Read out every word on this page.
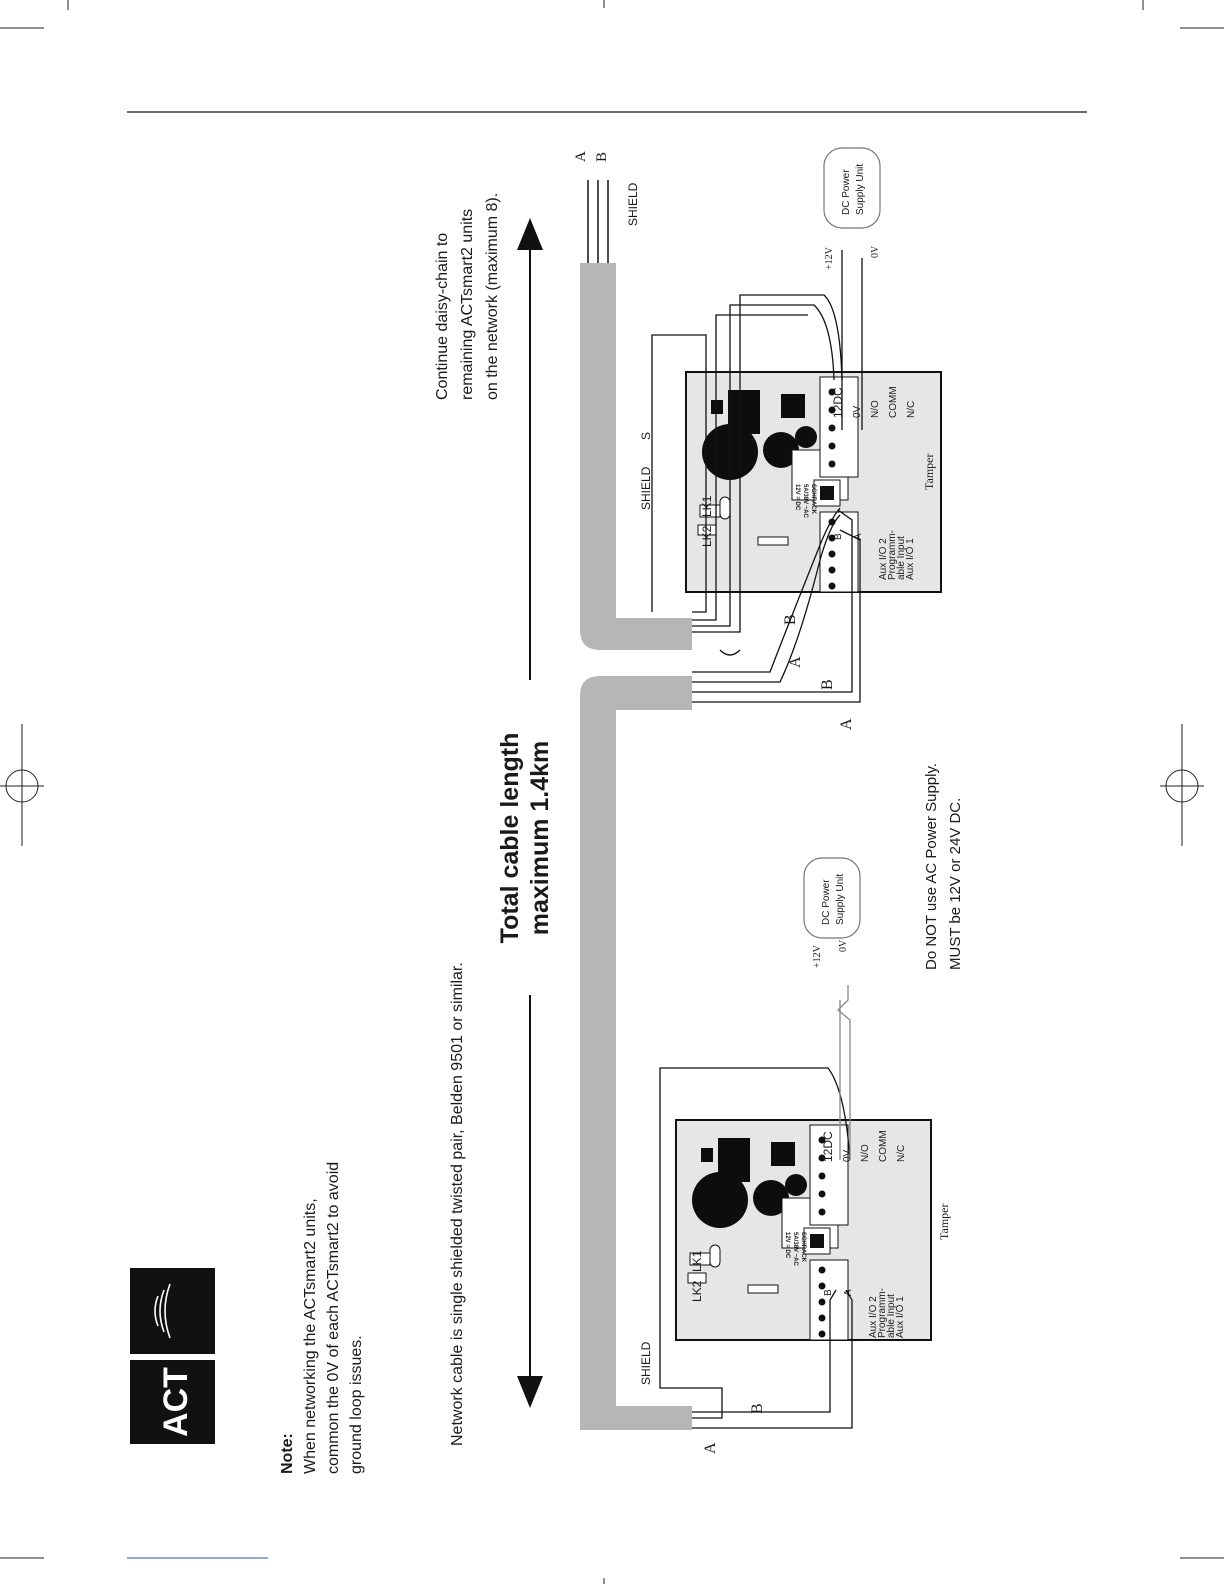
ACT
Note: When networking the ACTsmart2 units, common the 0V of each ACTsmart2 to avoid ground loop issues.	Network cable is single shielded twisted pair, Belden 9501 or similar.
Continue daisy-chain to remaining ACTsmart2 units on the network (maximum 8).
Total cable length maximum 1.4km
A B
SHIELD
LK2
LK1
12DC 0V N/O COMM N/C
B A
Aux I/O 2
Programm-
able Input
Aux I/O 1
SCHRACK
5A/38V ~AC
12V = DC
Tamper
SHIELD
S
B
A
B
A
+12V	0V
DC Power Supply Unit
LK2
LK1
12DC 0V N/O COMM N/C
B A
Aux I/O 2
Programm-
able Input
Aux I/O 1
SCHRACK
5A/38V ~AC
12V = DC
Tamper
SHIELD
B
A
+12V 0V
DC Power Supply Unit	Do NOT use AC Power Supply. MUST be 12V or 24V DC.
